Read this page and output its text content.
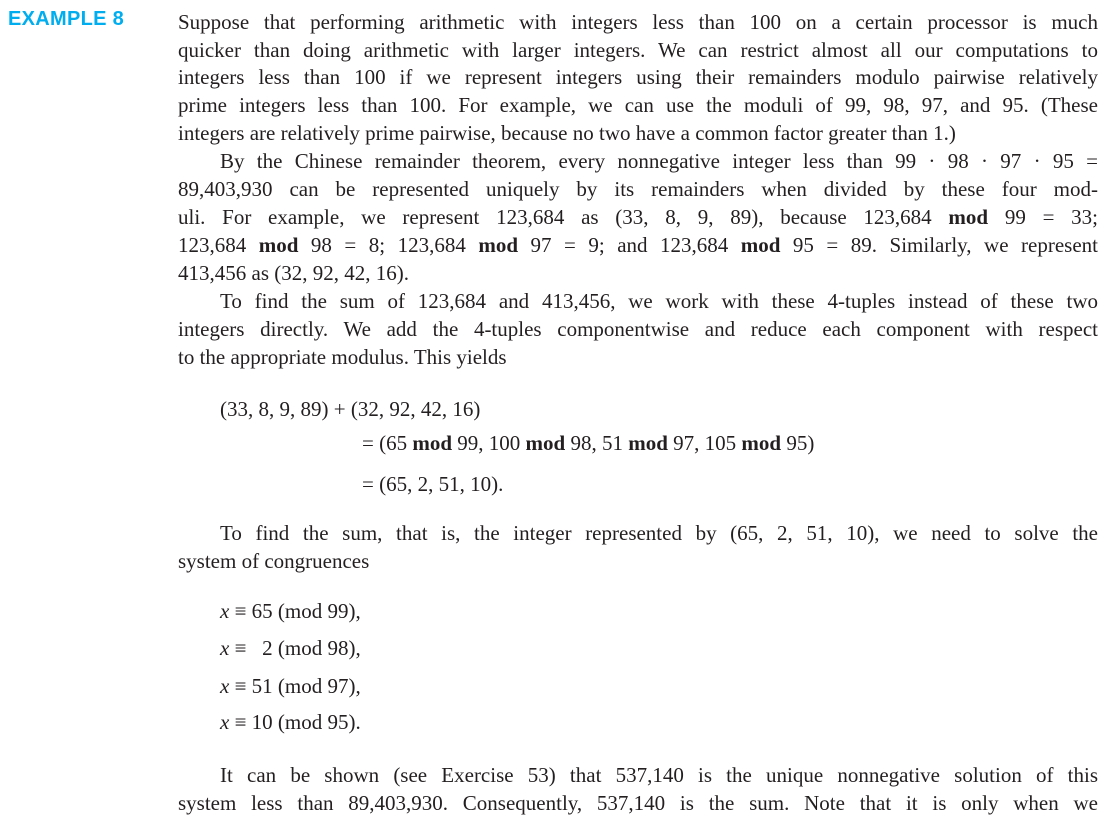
EXAMPLE 8	Suppose that performing arithmetic with integers less than 100 on a certain processor is much
quicker than doing arithmetic with larger integers. We can restrict almost all our computations to
integers less than 100 if we represent integers using their remainders modulo pairwise relatively
prime integers less than 100. For example, we can use the moduli of 99, 98, 97, and 95. (These
integers are relatively prime pairwise, because no two have a common factor greater than 1.)
By the Chinese remainder theorem, every nonnegative integer less than 99 · 98 · 97 · 95 =
89,403,930 can be represented uniquely by its remainders when divided by these four mod-
uli. For example, we represent 123,684 as (33, 8, 9, 89), because 123,684 mod 99 = 33;
123,684 mod 98 = 8; 123,684 mod 97 = 9; and 123,684 mod 95 = 89. Similarly, we represent
413,456 as (32, 92, 42, 16).
To find the sum of 123,684 and 413,456, we work with these 4-tuples instead of these two
integers directly. We add the 4-tuples componentwise and reduce each component with respect
to the appropriate modulus. This yields
(33, 8, 9, 89) + (32, 92, 42, 16)
= (65 mod 99, 100 mod 98, 51 mod 97, 105 mod 95)
= (65, 2, 51, 10).
To find the sum, that is, the integer represented by (65, 2, 51, 10), we need to solve the
system of congruences
x ≡ 65 (mod 99),
x ≡   2 (mod 98),
x ≡ 51 (mod 97),
x ≡ 10 (mod 95).
It can be shown (see Exercise 53) that 537,140 is the unique nonnegative solution of this
system less than 89,403,930. Consequently, 537,140 is the sum. Note that it is only when we
